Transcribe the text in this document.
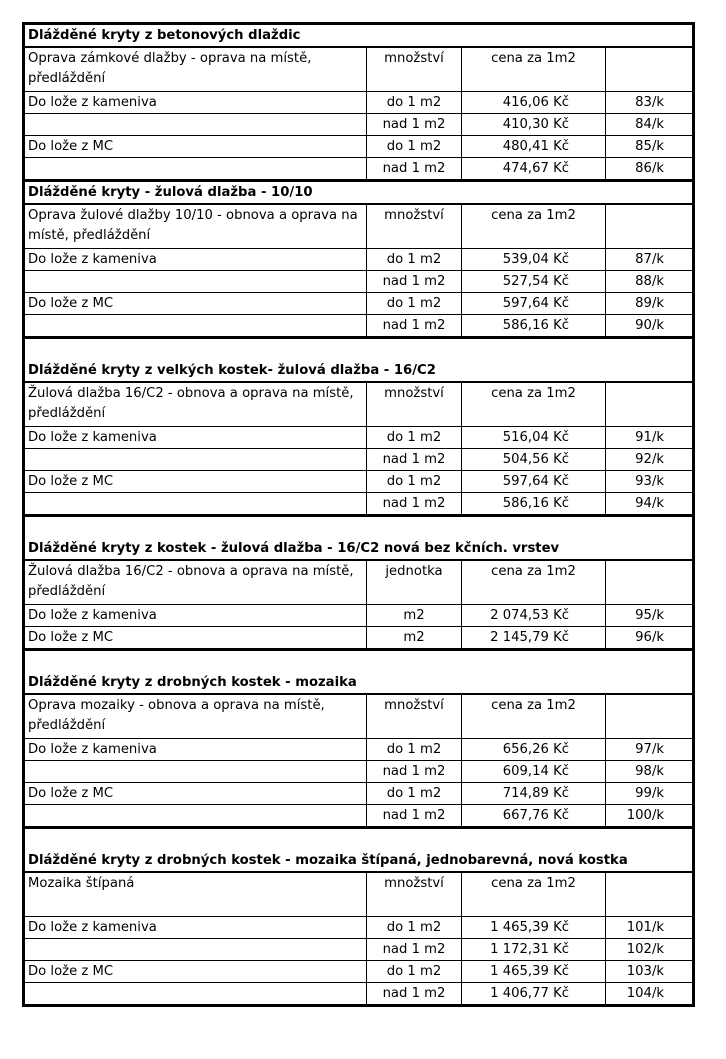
Dlážděné kryty z betonových dlaždic			
Oprava zámkové dlažby - oprava na místě, předláždění	množství	cena za 1m2	
Do lože z kameniva	do 1 m2	416,06 Kč	83/k
	nad 1 m2	410,30 Kč	84/k
Do lože z MC	do 1 m2	480,41 Kč	85/k
	nad 1 m2	474,67 Kč	86/k
Dlážděné kryty - žulová dlažba - 10/10			
Oprava žulové dlažby 10/10 - obnova a oprava na místě, předláždění	množství	cena za 1m2	
Do lože z kameniva	do 1 m2	539,04 Kč	87/k
	nad 1 m2	527,54 Kč	88/k
Do lože z MC	do 1 m2	597,64 Kč	89/k
	nad 1 m2	586,16 Kč	90/k
Dlážděné kryty z velkých kostek- žulová dlažba - 16/C2			
Žulová dlažba 16/C2 - obnova a oprava na místě, předláždění	množství	cena za 1m2	
Do lože z kameniva	do 1 m2	516,04 Kč	91/k
	nad 1 m2	504,56 Kč	92/k
Do lože z MC	do 1 m2	597,64 Kč	93/k
	nad 1 m2	586,16 Kč	94/k
Dlážděné kryty z kostek - žulová dlažba - 16/C2 nová bez kčních. vrstev			
Žulová dlažba 16/C2 - obnova a oprava na místě, předláždění	jednotka	cena za 1m2	
Do lože z kameniva	m2	2 074,53 Kč	95/k
Do lože z MC	m2	2 145,79 Kč	96/k
Dlážděné kryty z drobných kostek - mozaika			
Oprava mozaiky - obnova a oprava na místě, předláždění	množství	cena za 1m2	
Do lože z kameniva	do 1 m2	656,26 Kč	97/k
	nad 1 m2	609,14 Kč	98/k
Do lože z MC	do 1 m2	714,89 Kč	99/k
	nad 1 m2	667,76 Kč	100/k
Dlážděné kryty z drobných kostek - mozaika štípaná, jednobarevná, nová kostka			
Mozaika štípaná	množství	cena za 1m2	
Do lože z kameniva	do 1 m2	1 465,39 Kč	101/k
	nad 1 m2	1 172,31 Kč	102/k
Do lože z MC	do 1 m2	1 465,39 Kč	103/k
	nad 1 m2	1 406,77 Kč	104/k
